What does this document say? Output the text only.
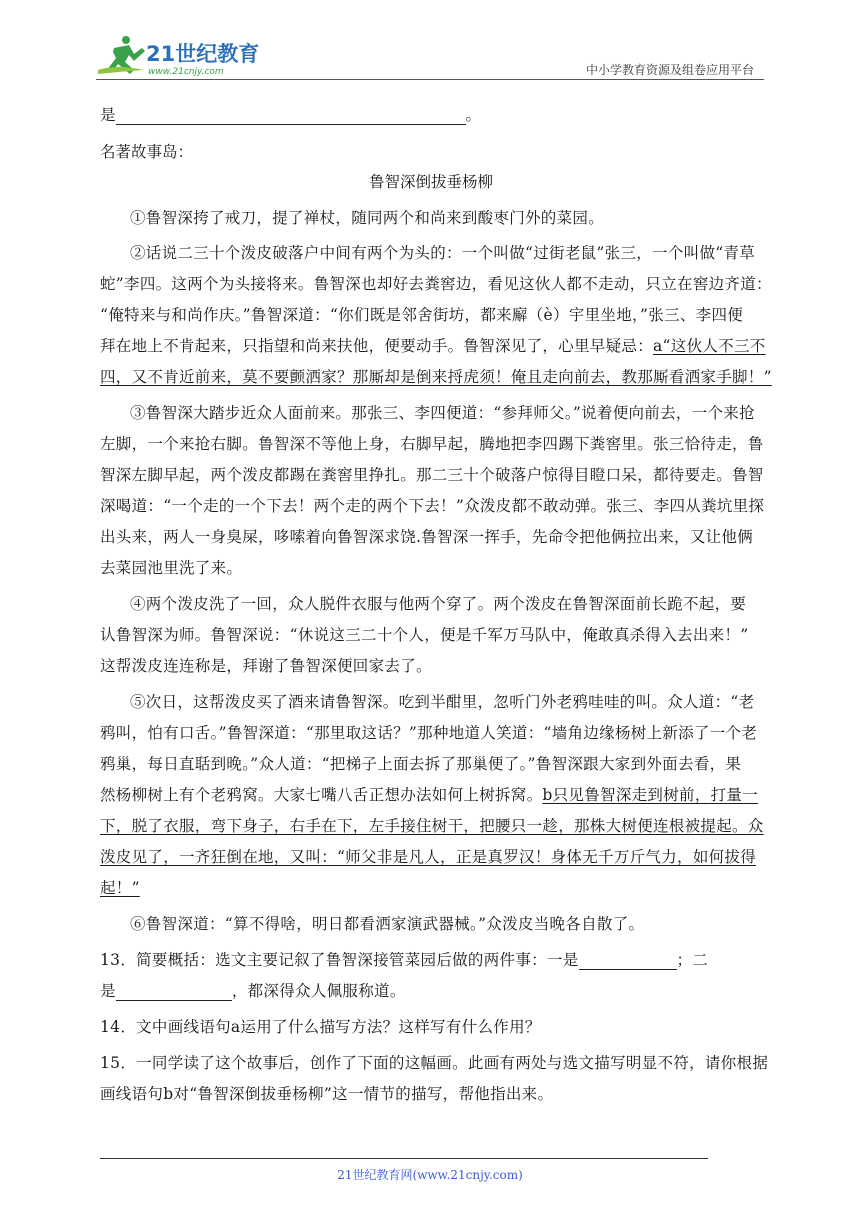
21世纪教育
www.21cnjy.com	中小学教育资源及组卷应用平台
是	。
名著故事岛：
鲁智深倒拔垂杨柳
①鲁智深挎了戒刀，提了禅杖，随同两个和尚来到酸枣门外的菜园。
②话说二三十个泼皮破落户中间有两个为头的：一个叫做“过街老鼠”张三，一个叫做“青草
蛇”李四。这两个为头接将来。鲁智深也却好去粪窖边，看见这伙人都不走动，只立在窖边齐道：
“俺特来与和尚作庆。”鲁智深道：“你们既是邻舍街坊，都来廨（è）宇里坐地，”张三、李四便
拜在地上不肯起来，只指望和尚来扶他，便要动手。鲁智深见了，心里早疑忌：a“这伙人不三不
四，又不肯近前来，莫不要颤洒家？那厮却是倒来捋虎须！俺且走向前去，教那厮看洒家手脚！”
③鲁智深大踏步近众人面前来。那张三、李四便道：“参拜师父。”说着便向前去，一个来抢
左脚，一个来抢右脚。鲁智深不等他上身，右脚早起，腾地把李四踢下粪窖里。张三恰待走，鲁
智深左脚早起，两个泼皮都踢在粪窖里挣扎。那二三十个破落户惊得目瞪口呆，都待要走。鲁智
深喝道：“一个走的一个下去！两个走的两个下去！”众泼皮都不敢动弹。张三、李四从粪坑里探
出头来，两人一身臭屎，哆嗦着向鲁智深求饶.鲁智深一挥手，先命令把他俩拉出来，又让他俩
去菜园池里洗了来。
④两个泼皮洗了一回，众人脱件衣服与他两个穿了。两个泼皮在鲁智深面前长跪不起，要
认鲁智深为师。鲁智深说：“休说这三二十个人，便是千军万马队中，俺敢真杀得入去出来！”
这帮泼皮连连称是，拜谢了鲁智深便回家去了。
⑤次日，这帮泼皮买了酒来请鲁智深。吃到半酣里，忽听门外老鸦哇哇的叫。众人道：“老
鸦叫，怕有口舌。”鲁智深道：“那里取这话？”那种地道人笑道：“墙角边缘杨树上新添了一个老
鸦巢，每日直聒到晚。”众人道：“把梯子上面去拆了那巢便了。”鲁智深跟大家到外面去看，果
然杨柳树上有个老鸦窝。大家七嘴八舌正想办法如何上树拆窝。b只见鲁智深走到树前，打量一
下，脱了衣服，弯下身子，右手在下，左手接住树干，把腰只一趁，那株大树便连根被提起。众
泼皮见了，一齐狂倒在地，又叫：“师父非是凡人，正是真罗汉！身体无千万斤气力，如何拔得
起！”
⑥鲁智深道：“算不得啥，明日都看洒家演武器械。”众泼皮当晚各自散了。
13．简要概括：选文主要记叙了鲁智深接管菜园后做的两件事：一是	；二
是	，都深得众人佩服称道。
14．文中画线语句a运用了什么描写方法？这样写有什么作用？
15．一同学读了这个故事后，创作了下面的这幅画。此画有两处与选文描写明显不符，请你根据
画线语句b对“鲁智深倒拔垂杨柳”这一情节的描写，帮他指出来。
21世纪教育网(www.21cnjy.com)
